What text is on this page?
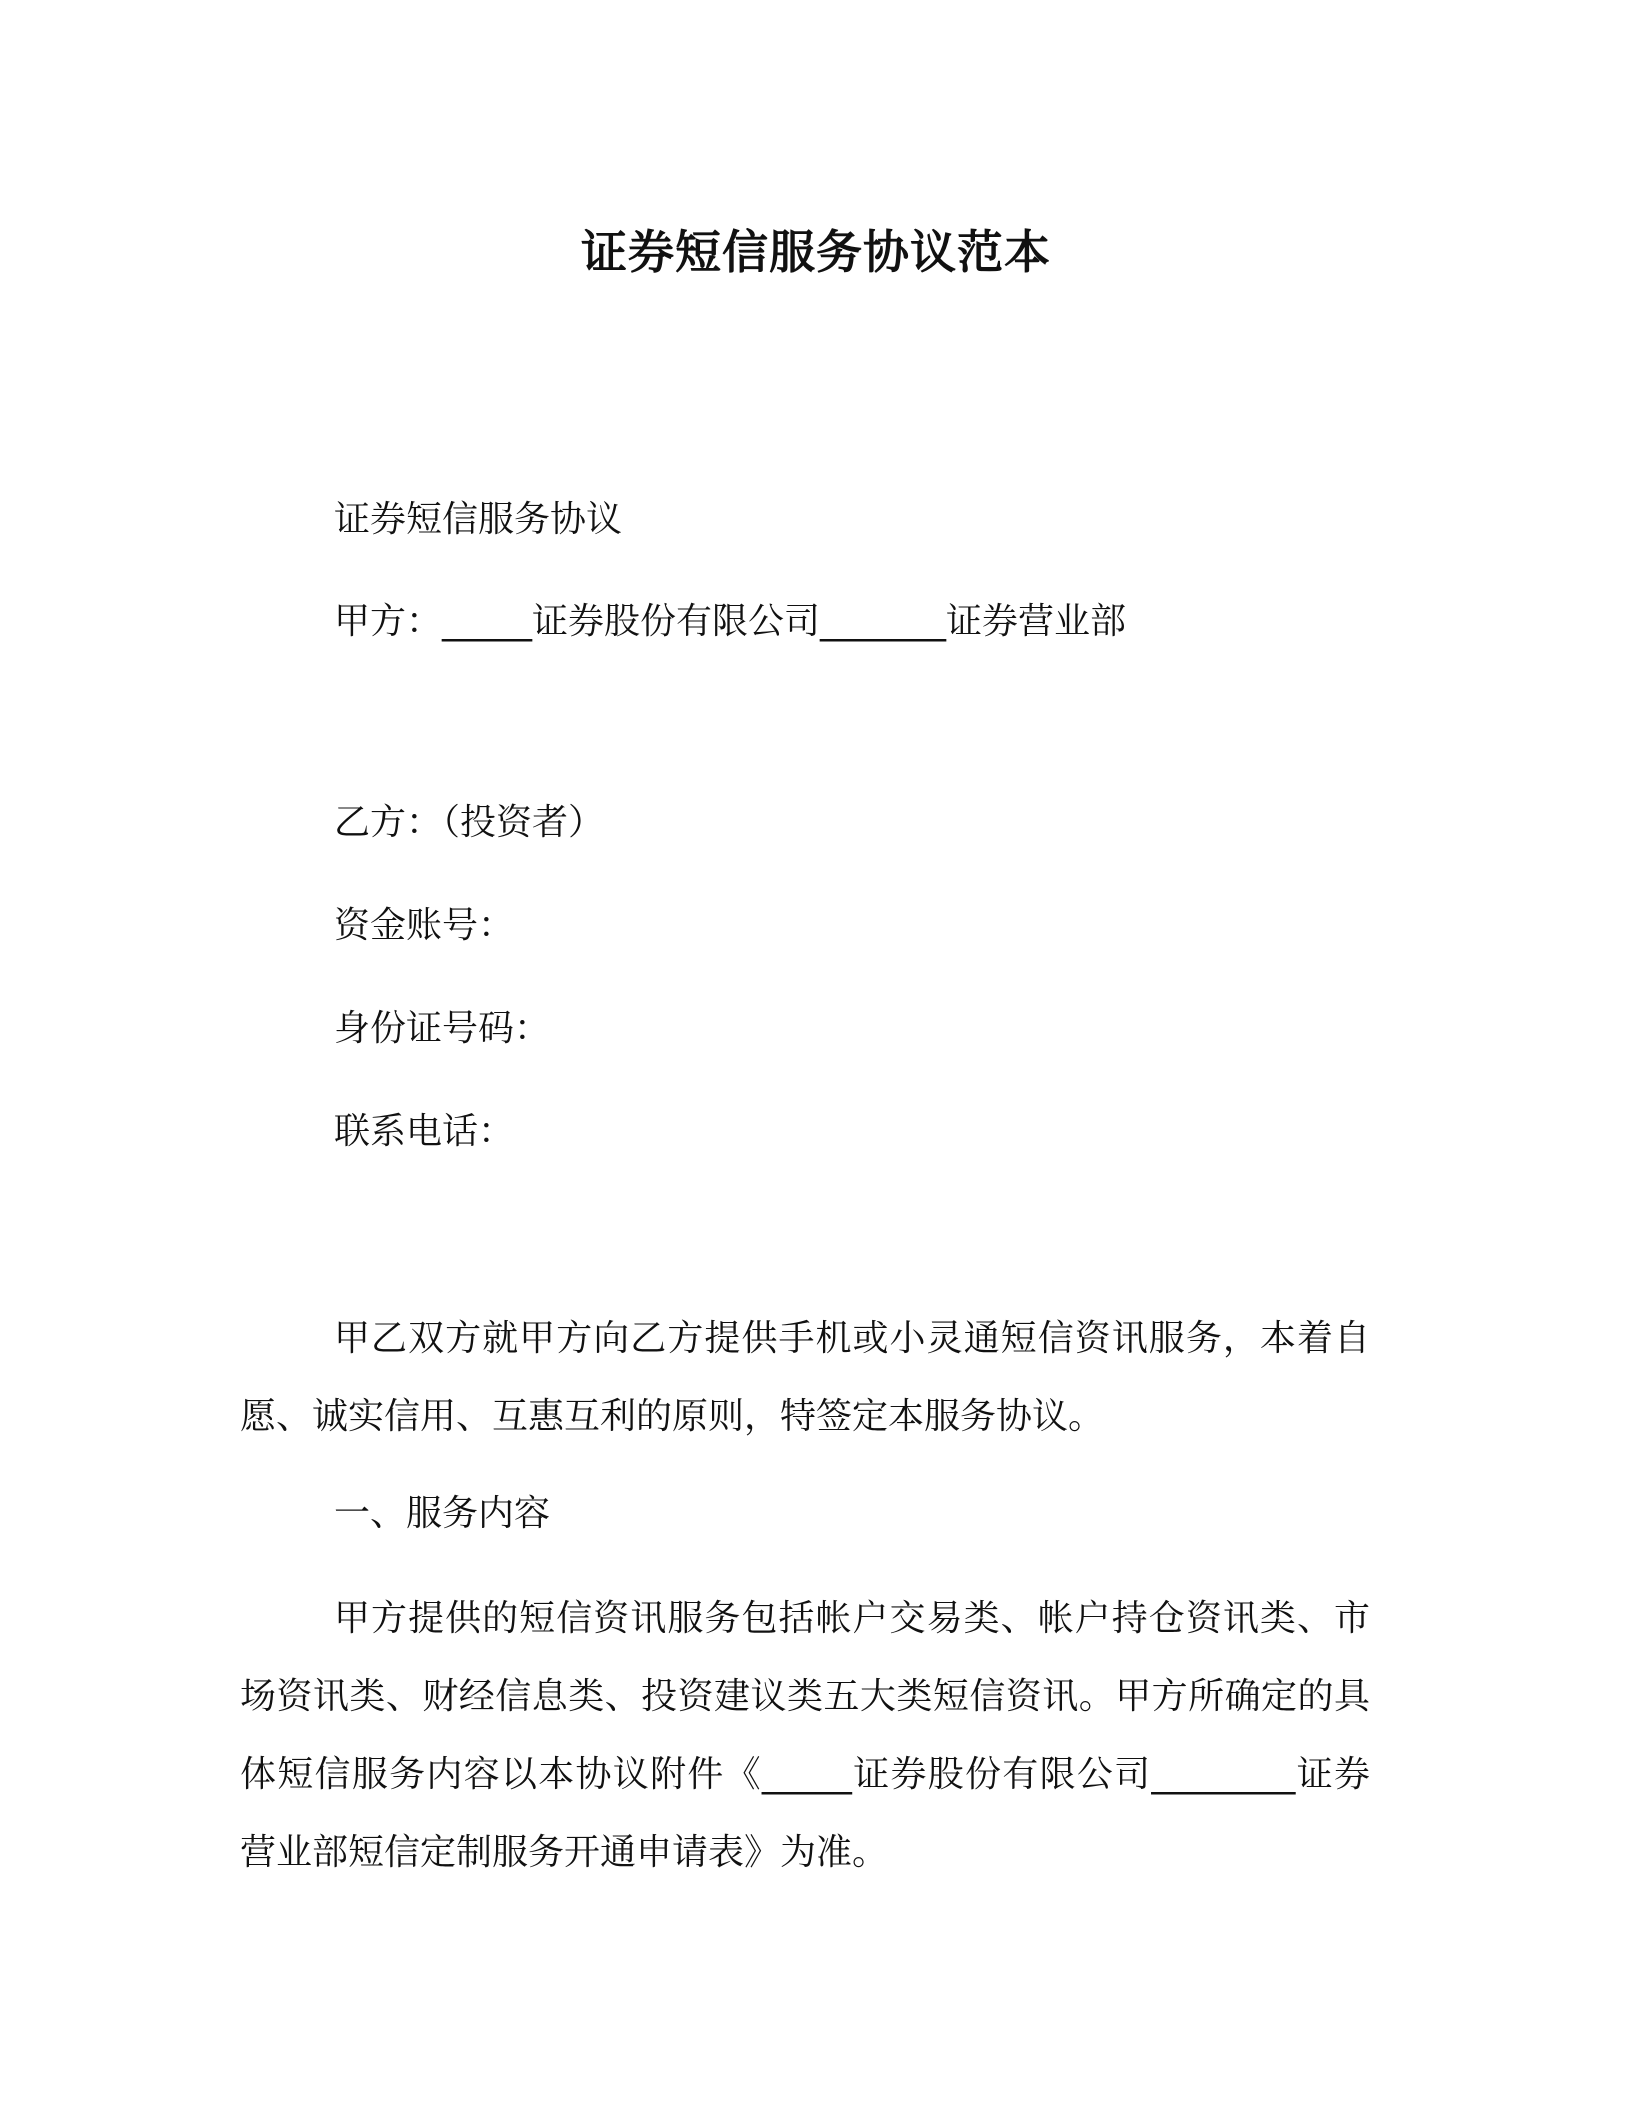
证券短信服务协议范本
证券短信服务协议
甲方：_____证券股份有限公司_______证券营业部
乙方：（投资者）
资金账号：
身份证号码：
联系电话：
甲乙双方就甲方向乙方提供手机或小灵通短信资讯服务，本着自愿、诚实信用、互惠互利的原则，特签定本服务协议。
一、服务内容
甲方提供的短信资讯服务包括帐户交易类、帐户持仓资讯类、市场资讯类、财经信息类、投资建议类五大类短信资讯。甲方所确定的具体短信服务内容以本协议附件《_____证券股份有限公司________证券营业部短信定制服务开通申请表》为准。
